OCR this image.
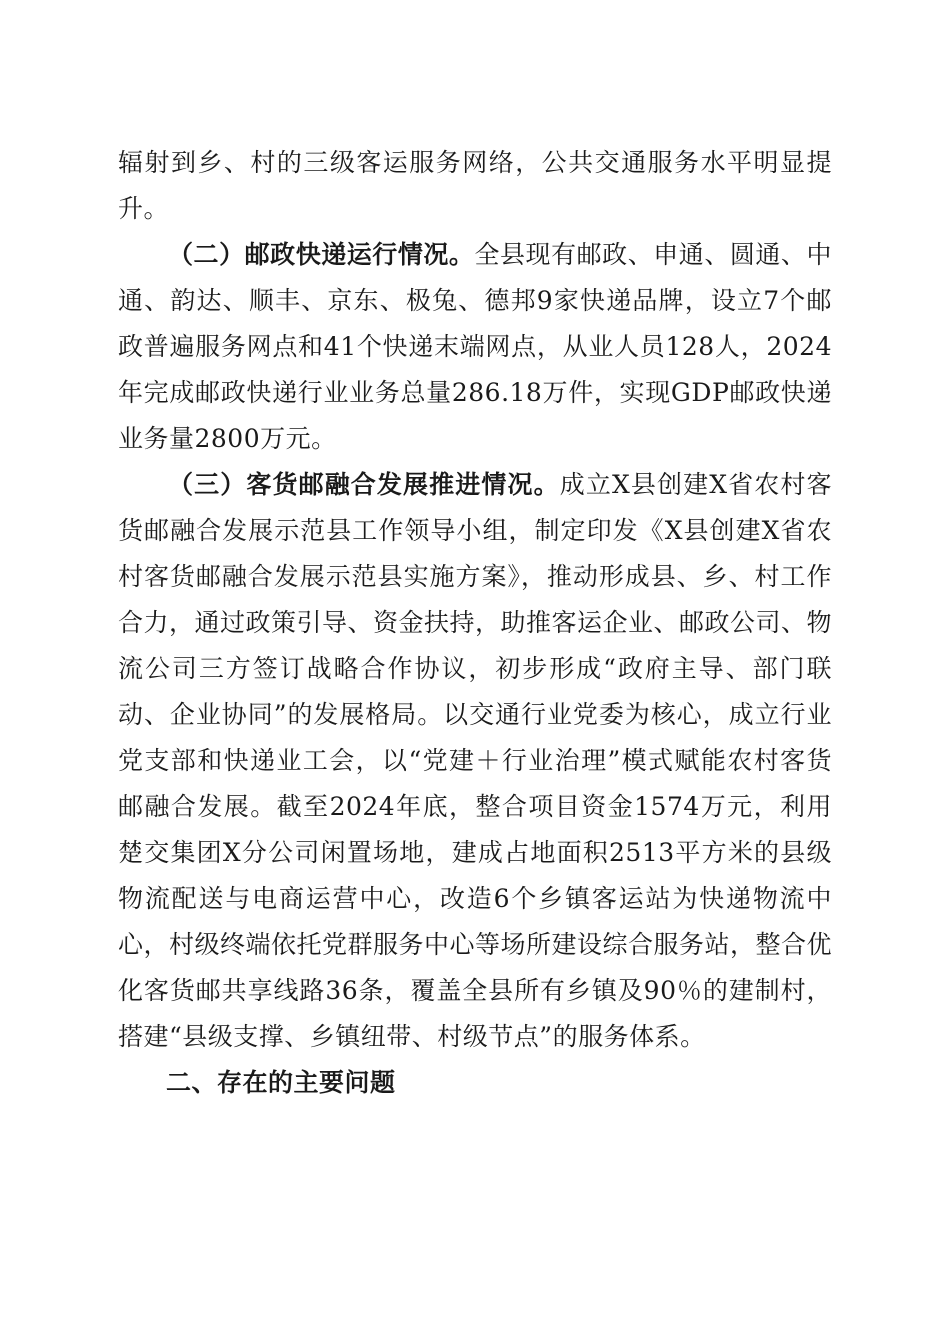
辐射到乡、村的三级客运服务网络，公共交通服务水平明显提升。

（二）邮政快递运行情况。全县现有邮政、申通、圆通、中通、韵达、顺丰、京东、极兔、德邦9家快递品牌，设立7个邮政普遍服务网点和41个快递末端网点，从业人员128人，2024年完成邮政快递行业业务总量286.18万件，实现GDP邮政快递业务量2800万元。

（三）客货邮融合发展推进情况。成立X县创建X省农村客货邮融合发展示范县工作领导小组，制定印发《X县创建X省农村客货邮融合发展示范县实施方案》，推动形成县、乡、村工作合力，通过政策引导、资金扶持，助推客运企业、邮政公司、物流公司三方签订战略合作协议，初步形成“政府主导、部门联动、企业协同”的发展格局。以交通行业党委为核心，成立行业党支部和快递业工会，以“党建＋行业治理”模式赋能农村客货邮融合发展。截至2024年底，整合项目资金1574万元，利用楚交集团X分公司闲置场地，建成占地面积2513平方米的县级物流配送与电商运营中心，改造6个乡镇客运站为快递物流中心，村级终端依托党群服务中心等场所建设综合服务站，整合优化客货邮共享线路36条，覆盖全县所有乡镇及90％的建制村，搭建“县级支撑、乡镇纽带、村级节点”的服务体系。

二、存在的主要问题
